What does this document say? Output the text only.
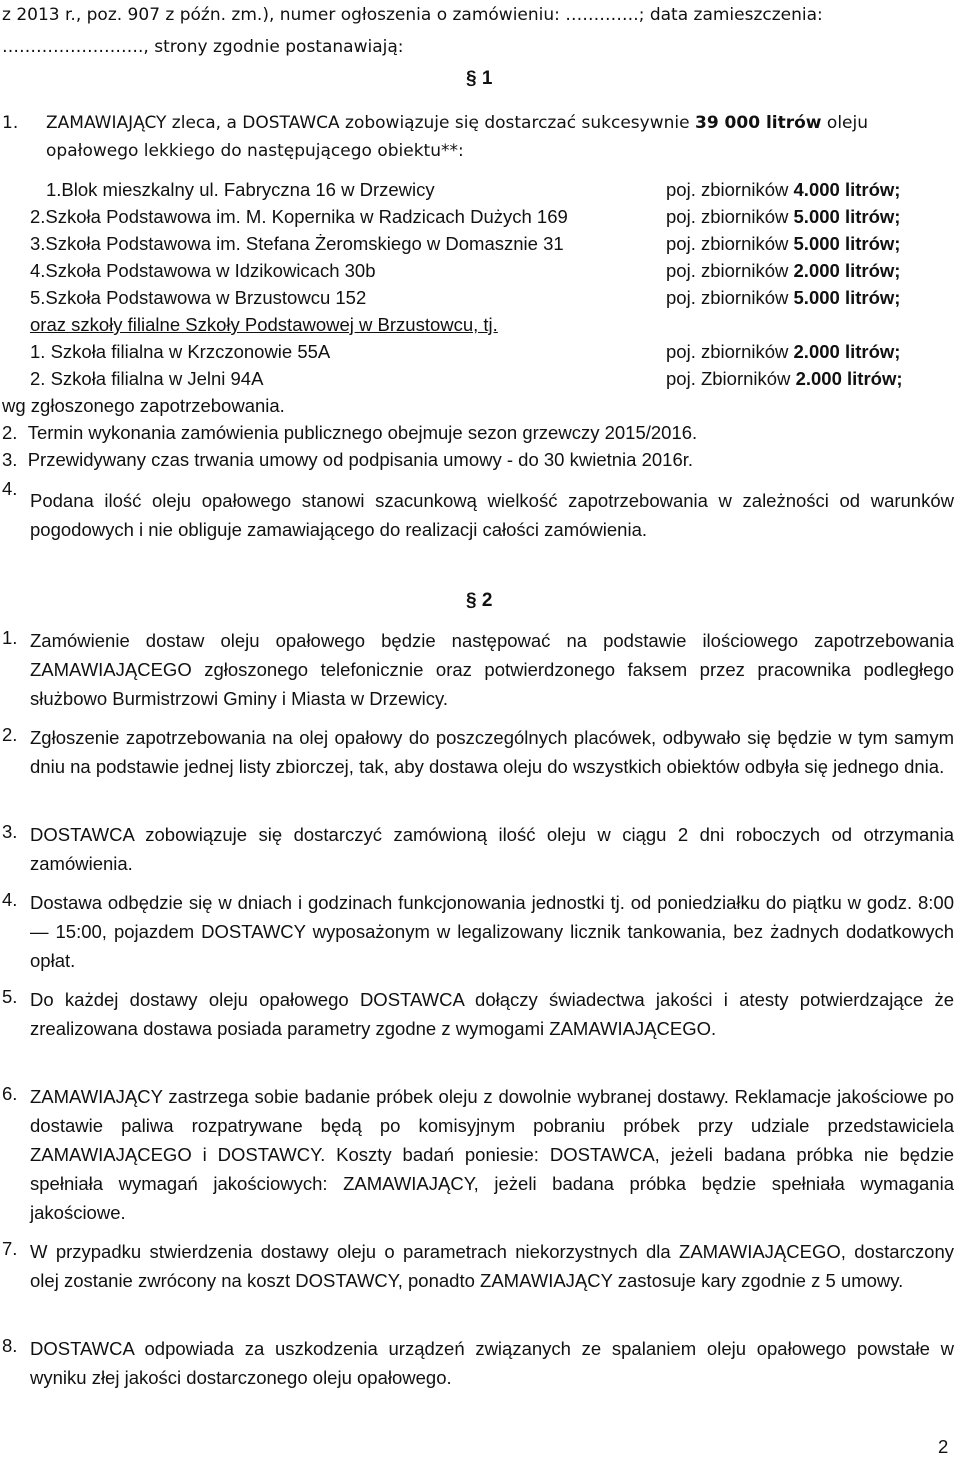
z 2013 r., poz. 907 z późn. zm.), numer ogłoszenia o zamówieniu: ………….; data zamieszczenia:
……………………., strony zgodnie postanawiają:
§ 1
1. ZAMAWIAJĄCY zleca, a DOSTAWCA zobowiązuje się dostarczać sukcesywnie 39 000 litrów oleju
opałowego lekkiego do następującego obiektu**:
1.Blok mieszkalny ul. Fabryczna 16 w Drzewicy	poj. zbiorników 4.000 litrów;
2.Szkoła Podstawowa im. M. Kopernika w Radzicach Dużych 169	poj. zbiorników 5.000 litrów;
3.Szkoła Podstawowa im. Stefana Żeromskiego w Domasznie 31	poj. zbiorników 5.000 litrów;
4.Szkoła Podstawowa w Idzikowicach 30b	poj. zbiorników 2.000 litrów;
5.Szkoła Podstawowa w Brzustowcu 152	poj. zbiorników 5.000 litrów;
oraz szkoły filialne Szkoły Podstawowej w Brzustowcu, tj.
1. Szkoła filialna w Krzczonowie 55A	poj. zbiorników 2.000 litrów;
2. Szkoła filialna w Jelni 94A	poj. Zbiorników 2.000 litrów;
wg zgłoszonego zapotrzebowania.
2.  Termin wykonania zamówienia publicznego obejmuje sezon grzewczy 2015/2016.
3.  Przewidywany czas trwania umowy od podpisania umowy - do 30 kwietnia 2016r.
4.
Podana ilość oleju opałowego stanowi szacunkową wielkość zapotrzebowania w zależności od warunków pogodowych i nie obliguje zamawiającego do realizacji całości zamówienia.
§ 2
1. Zamówienie dostaw oleju opałowego będzie następować na podstawie ilościowego zapotrzebowania ZAMAWIAJĄCEGO zgłoszonego telefonicznie oraz potwierdzonego faksem przez pracownika podległego służbowo Burmistrzowi Gminy i Miasta w Drzewicy.
2. Zgłoszenie zapotrzebowania na olej opałowy do poszczególnych placówek, odbywało się będzie w tym samym dniu na podstawie jednej listy zbiorczej, tak, aby dostawa oleju do wszystkich obiektów odbyła się jednego dnia.
3. DOSTAWCA zobowiązuje się dostarczyć zamówioną ilość oleju w ciągu 2 dni roboczych od otrzymania zamówienia.
4. Dostawa odbędzie się w dniach i godzinach funkcjonowania jednostki tj. od poniedziałku do piątku w godz. 8:00 — 15:00, pojazdem DOSTAWCY wyposażonym w legalizowany licznik tankowania, bez żadnych dodatkowych opłat.
5. Do każdej dostawy oleju opałowego DOSTAWCA dołączy świadectwa jakości i atesty potwierdzające że zrealizowana dostawa posiada parametry zgodne z wymogami ZAMAWIAJĄCEGO.
6. ZAMAWIAJĄCY zastrzega sobie badanie próbek oleju z dowolnie wybranej dostawy. Reklamacje jakościowe po dostawie paliwa rozpatrywane będą po komisyjnym pobraniu próbek przy udziale przedstawiciela ZAMAWIAJĄCEGO i DOSTAWCY. Koszty badań poniesie: DOSTAWCA, jeżeli badana próbka nie będzie spełniała wymagań jakościowych: ZAMAWIAJĄCY, jeżeli badana próbka będzie spełniała wymagania jakościowe.
7. W przypadku stwierdzenia dostawy oleju o parametrach niekorzystnych dla ZAMAWIAJĄCEGO, dostarczony olej zostanie zwrócony na koszt DOSTAWCY, ponadto ZAMAWIAJĄCY zastosuje kary zgodnie z 5 umowy.
8. DOSTAWCA odpowiada za uszkodzenia urządzeń związanych ze spalaniem oleju opałowego powstałe w wyniku złej jakości dostarczonego oleju opałowego.
2
